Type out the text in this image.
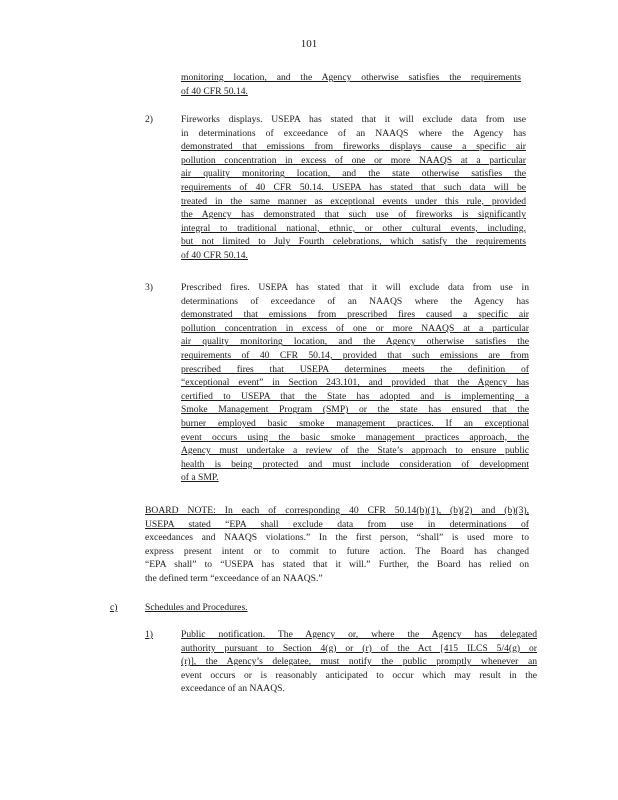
101
monitoring location, and the Agency otherwise satisfies the requirements
of 40 CFR 50.14.
2)	Fireworks displays. USEPA has stated that it will exclude data from use
in determinations of exceedance of an NAAQS where the Agency has
demonstrated that emissions from fireworks displays cause a specific air
pollution concentration in excess of one or more NAAQS at a particular
air quality monitoring location, and the state otherwise satisfies the
requirements of 40 CFR 50.14. USEPA has stated that such data will be
treated in the same manner as exceptional events under this rule, provided
the Agency has demonstrated that such use of fireworks is significantly
integral to traditional national, ethnic, or other cultural events, including,
but not limited to July Fourth celebrations, which satisfy the requirements
of 40 CFR 50.14.
3)	Prescribed fires. USEPA has stated that it will exclude data from use in
determinations of exceedance of an NAAQS where the Agency has
demonstrated that emissions from prescribed fires caused a specific air
pollution concentration in excess of one or more NAAQS at a particular
air quality monitoring location, and the Agency otherwise satisfies the
requirements of 40 CFR 50.14, provided that such emissions are from
prescribed fires that USEPA determines meets the definition of
“exceptional event” in Section 243.101, and provided that the Agency has
certified to USEPA that the State has adopted and is implementing a
Smoke Management Program (SMP) or the state has ensured that the
burner employed basic smoke management practices. If an exceptional
event occurs using the basic smoke management practices approach, the
Agency must undertake a review of the State’s approach to ensure public
health is being protected and must include consideration of development
of a SMP.
BOARD NOTE: In each of corresponding 40 CFR 50.14(b)(1), (b)(2) and (b)(3),
USEPA stated “EPA shall exclude data from use in determinations of
exceedances and NAAQS violations.” In the first person, “shall” is used more to
express present intent or to commit to future action. The Board has changed
“EPA shall” to “USEPA has stated that it will.” Further, the Board has relied on
the defined term “exceedance of an NAAQS.”
c)	Schedules and Procedures.
1)	Public notification. The Agency or, where the Agency has delegated
authority pursuant to Section 4(g) or (r) of the Act [415 ILCS 5/4(g) or
(r)], the Agency’s delegatee, must notify the public promptly whenever an
event occurs or is reasonably anticipated to occur which may result in the
exceedance of an NAAQS.
